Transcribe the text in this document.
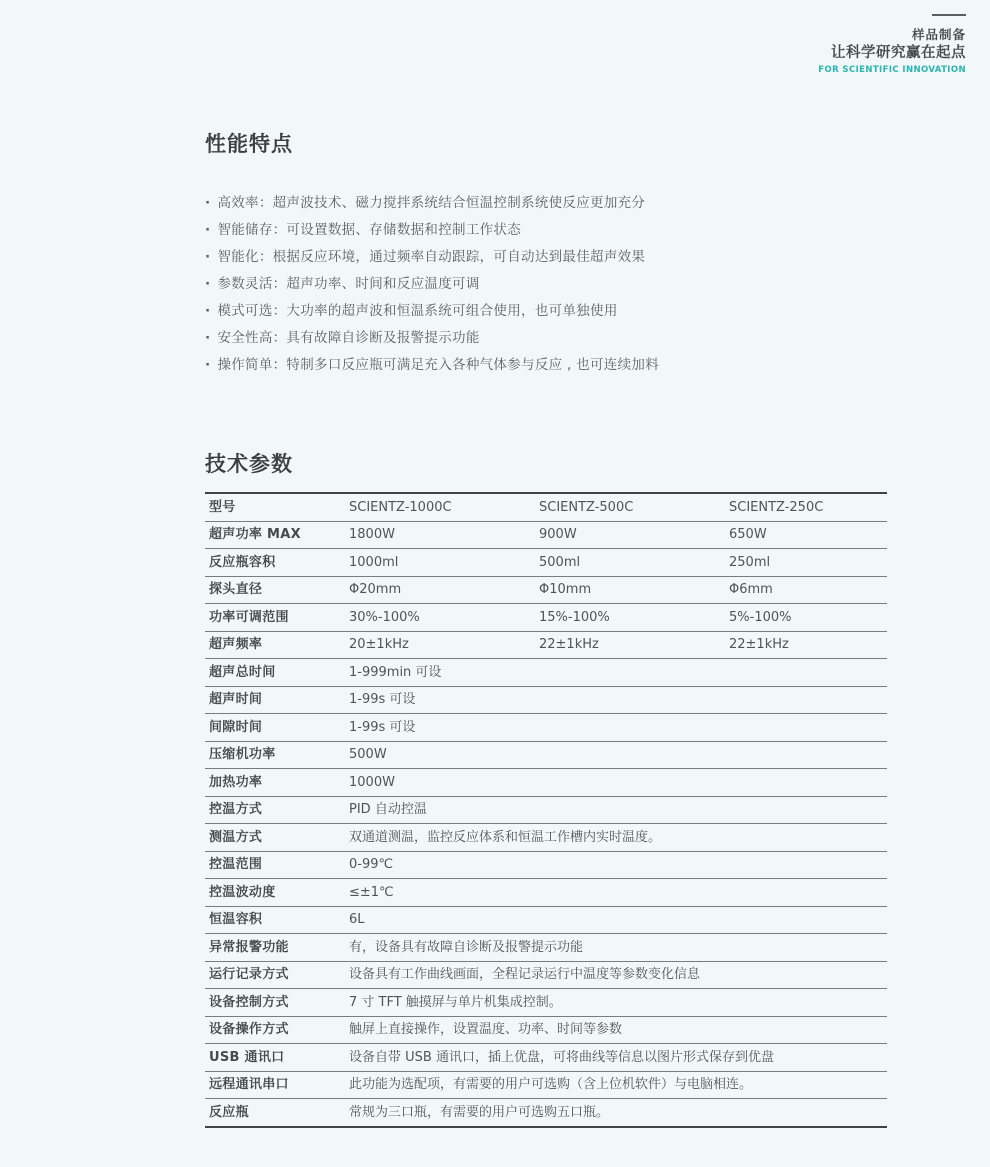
样品制备
让科学研究赢在起点
FOR SCIENTIFIC INNOVATION
性能特点
· 高效率：超声波技术、磁力搅拌系统结合恒温控制系统使反应更加充分
· 智能储存：可设置数据、存储数据和控制工作状态
· 智能化：根据反应环境，通过频率自动跟踪，可自动达到最佳超声效果
· 参数灵活：超声功率、时间和反应温度可调
· 模式可选：大功率的超声波和恒温系统可组合使用，也可单独使用
· 安全性高：具有故障自诊断及报警提示功能
· 操作简单：特制多口反应瓶可满足充入各种气体参与反应 , 也可连续加料
技术参数
型号	SCIENTZ-1000C	SCIENTZ-500C	SCIENTZ-250C
超声功率 MAX	1800W	900W	650W
反应瓶容积	1000ml	500ml	250ml
探头直径	Φ20mm	Φ10mm	Φ6mm
功率可调范围	30%-100%	15%-100%	5%-100%
超声频率	20±1kHz	22±1kHz	22±1kHz
超声总时间	1-999min 可设		
超声时间	1-99s 可设		
间隙时间	1-99s 可设		
压缩机功率	500W		
加热功率	1000W		
控温方式	PID 自动控温		
测温方式	双通道测温，监控反应体系和恒温工作槽内实时温度。		
控温范围	0-99℃		
控温波动度	≤±1℃		
恒温容积	6L		
异常报警功能	有，设备具有故障自诊断及报警提示功能		
运行记录方式	设备具有工作曲线画面，全程记录运行中温度等参数变化信息		
设备控制方式	7 寸 TFT 触摸屏与单片机集成控制。		
设备操作方式	触屏上直接操作，设置温度、功率、时间等参数		
USB 通讯口	设备自带 USB 通讯口，插上优盘，可将曲线等信息以图片形式保存到优盘		
远程通讯串口	此功能为选配项，有需要的用户可选购（含上位机软件）与电脑相连。		
反应瓶	常规为三口瓶，有需要的用户可选购五口瓶。		
